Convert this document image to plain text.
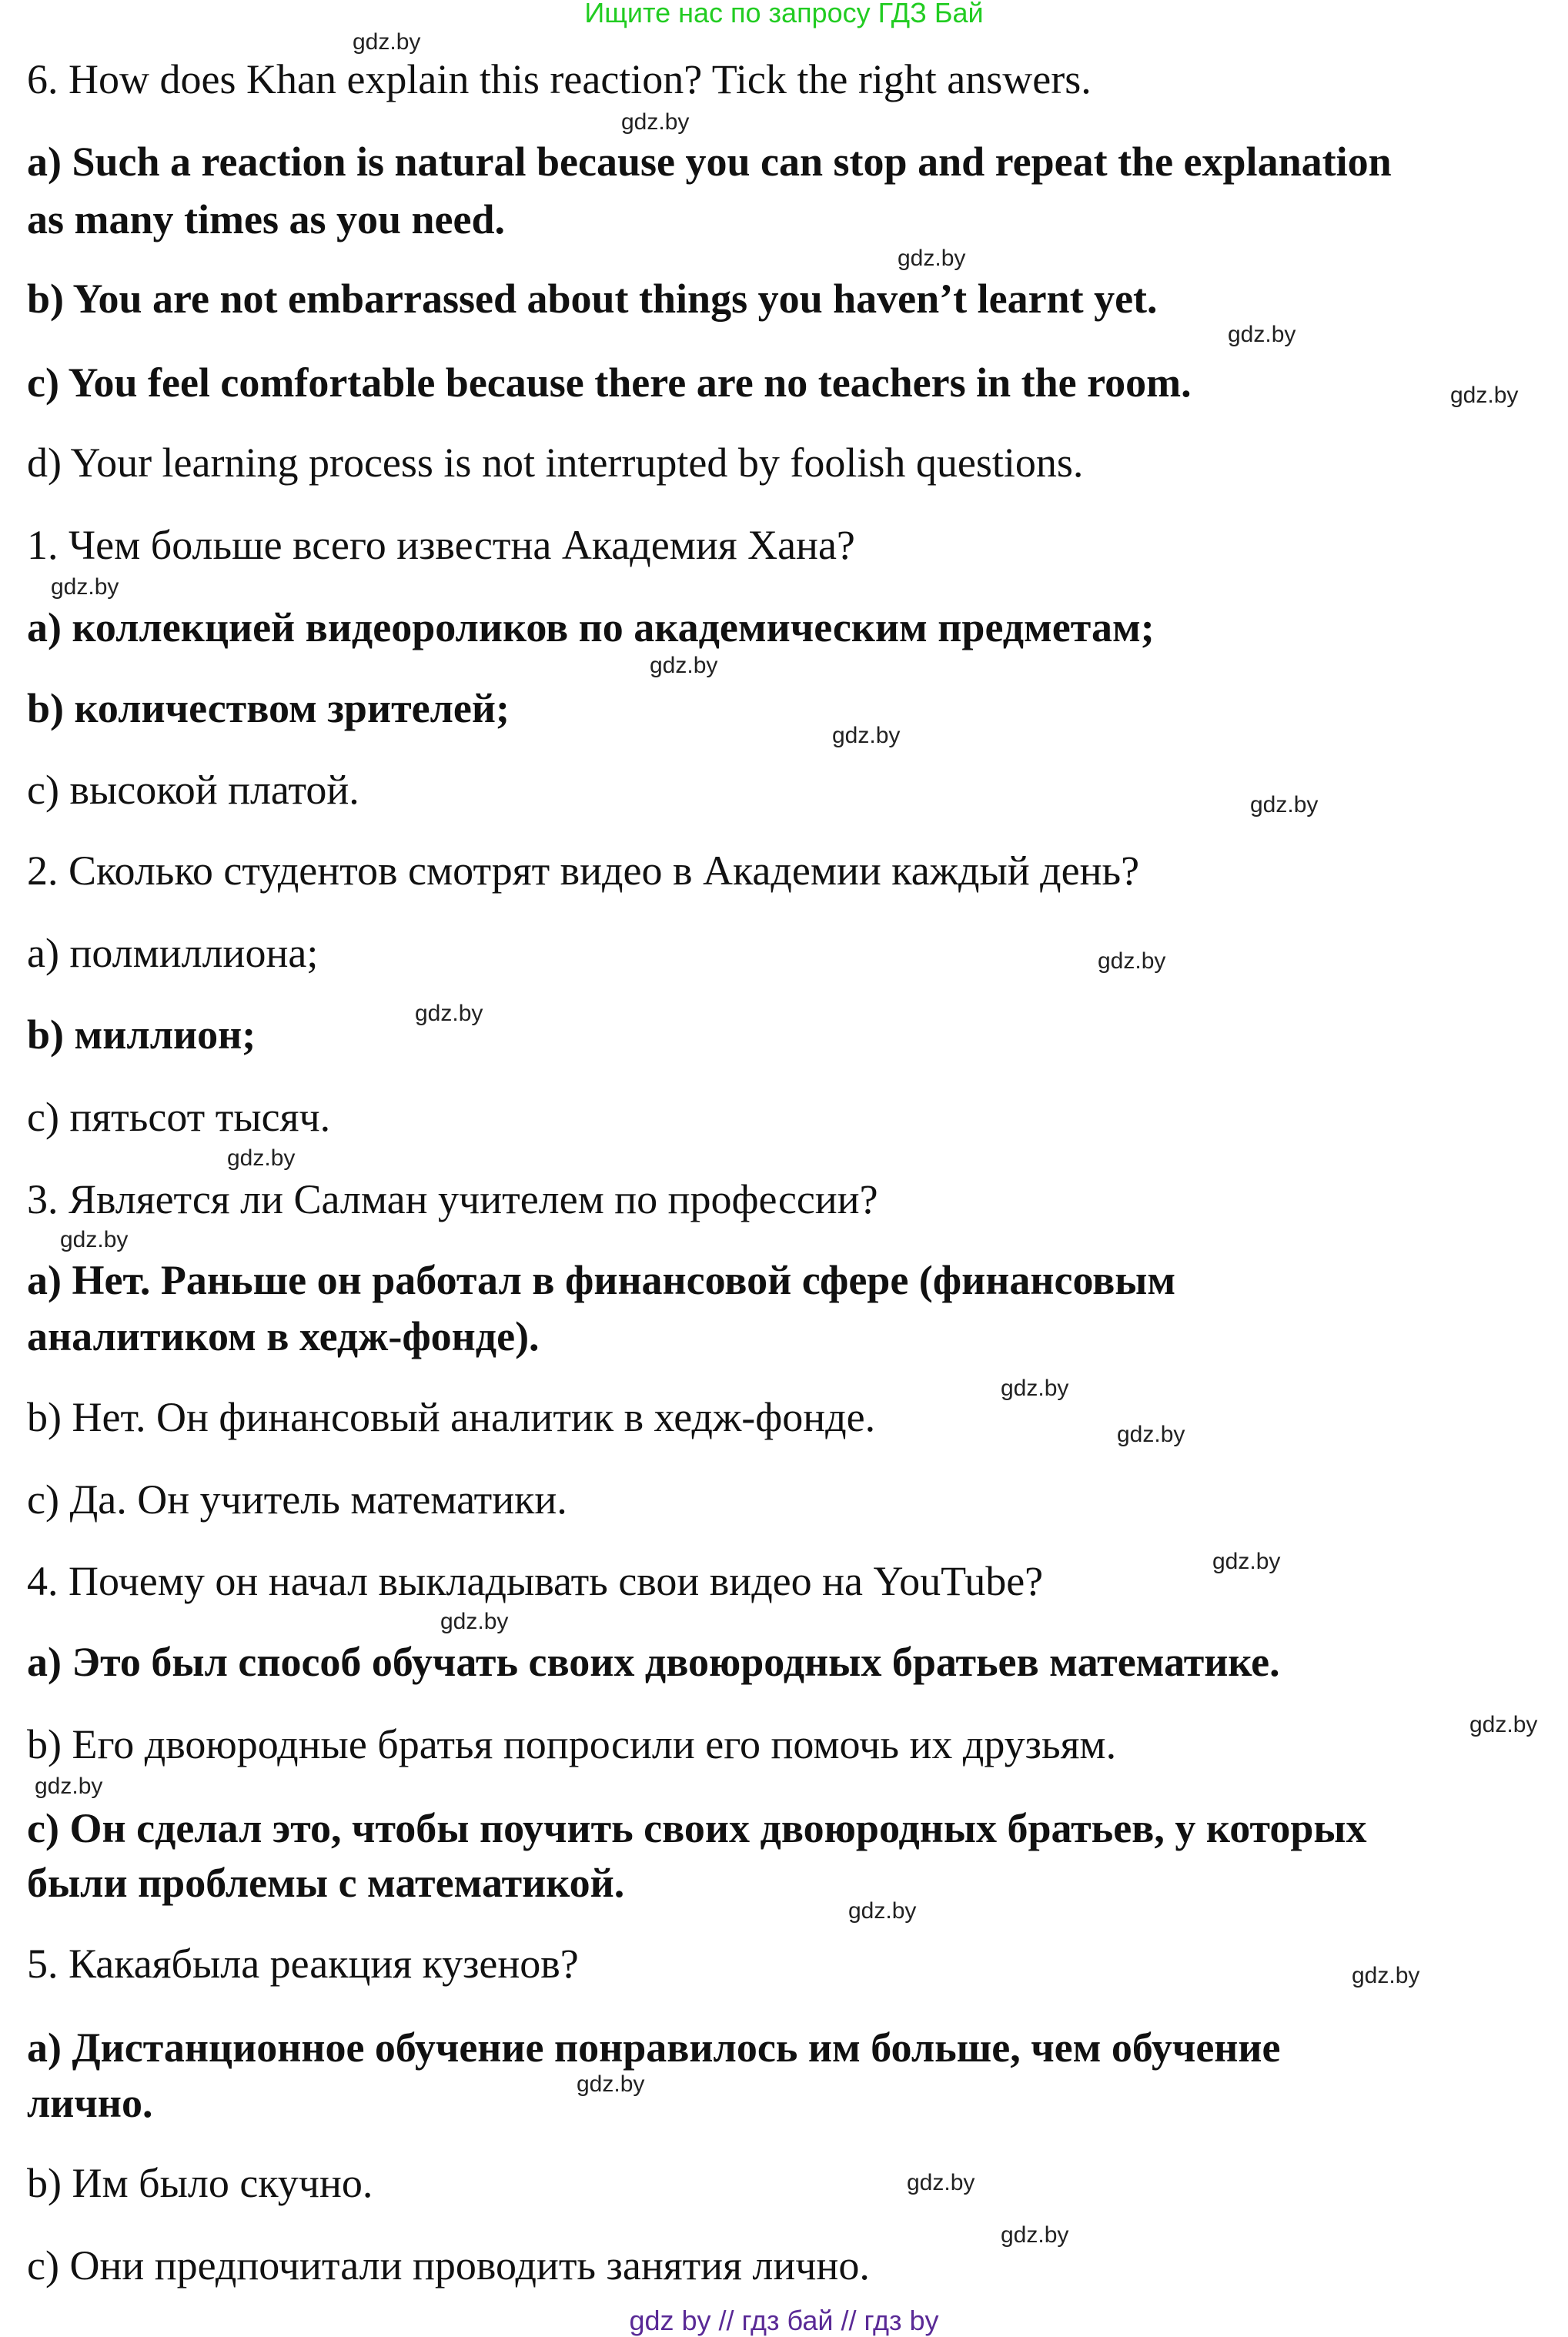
Ищите нас по запросу ГДЗ Бай
6. How does Khan explain this reaction? Tick the right answers.
a) Such a reaction is natural because you can stop and repeat the explanation
as many times as you need.
b) You are not embarrassed about things you haven’t learnt yet.
c) You feel comfortable because there are no teachers in the room.
d) Your learning process is not interrupted by foolish questions.
1. Чем больше всего известна Академия Хана?
a) коллекцией видеороликов по академическим предметам;
b) количеством зрителей;
c) высокой платой.
2. Сколько студентов смотрят видео в Академии каждый день?
a) полмиллиона;
b) миллион;
c) пятьсот тысяч.
3. Является ли Салман учителем по профессии?
a) Нет. Раньше он работал в финансовой сфере (финансовым
аналитиком в хедж-фонде).
b) Нет. Он финансовый аналитик в хедж-фонде.
c) Да. Он учитель математики.
4. Почему он начал выкладывать свои видео на YouTube?
a) Это был способ обучать своих двоюродных братьев математике.
b) Его двоюродные братья попросили его помочь их друзьям.
c) Он сделал это, чтобы поучить своих двоюродных братьев, у которых
были проблемы с математикой.
5. Какаябыла реакция кузенов?
a) Дистанционное обучение понравилось им больше, чем обучение
лично.
b) Им было скучно.
c) Они предпочитали проводить занятия лично.
gdz.by
gdz.by
gdz.by
gdz.by
gdz.by
gdz.by
gdz.by
gdz.by
gdz.by
gdz.by
gdz.by
gdz.by
gdz.by
gdz.by
gdz.by
gdz.by
gdz.by
gdz.by
gdz.by
gdz.by
gdz.by
gdz.by
gdz.by
gdz.by
gdz by // гдз бай // гдз by
